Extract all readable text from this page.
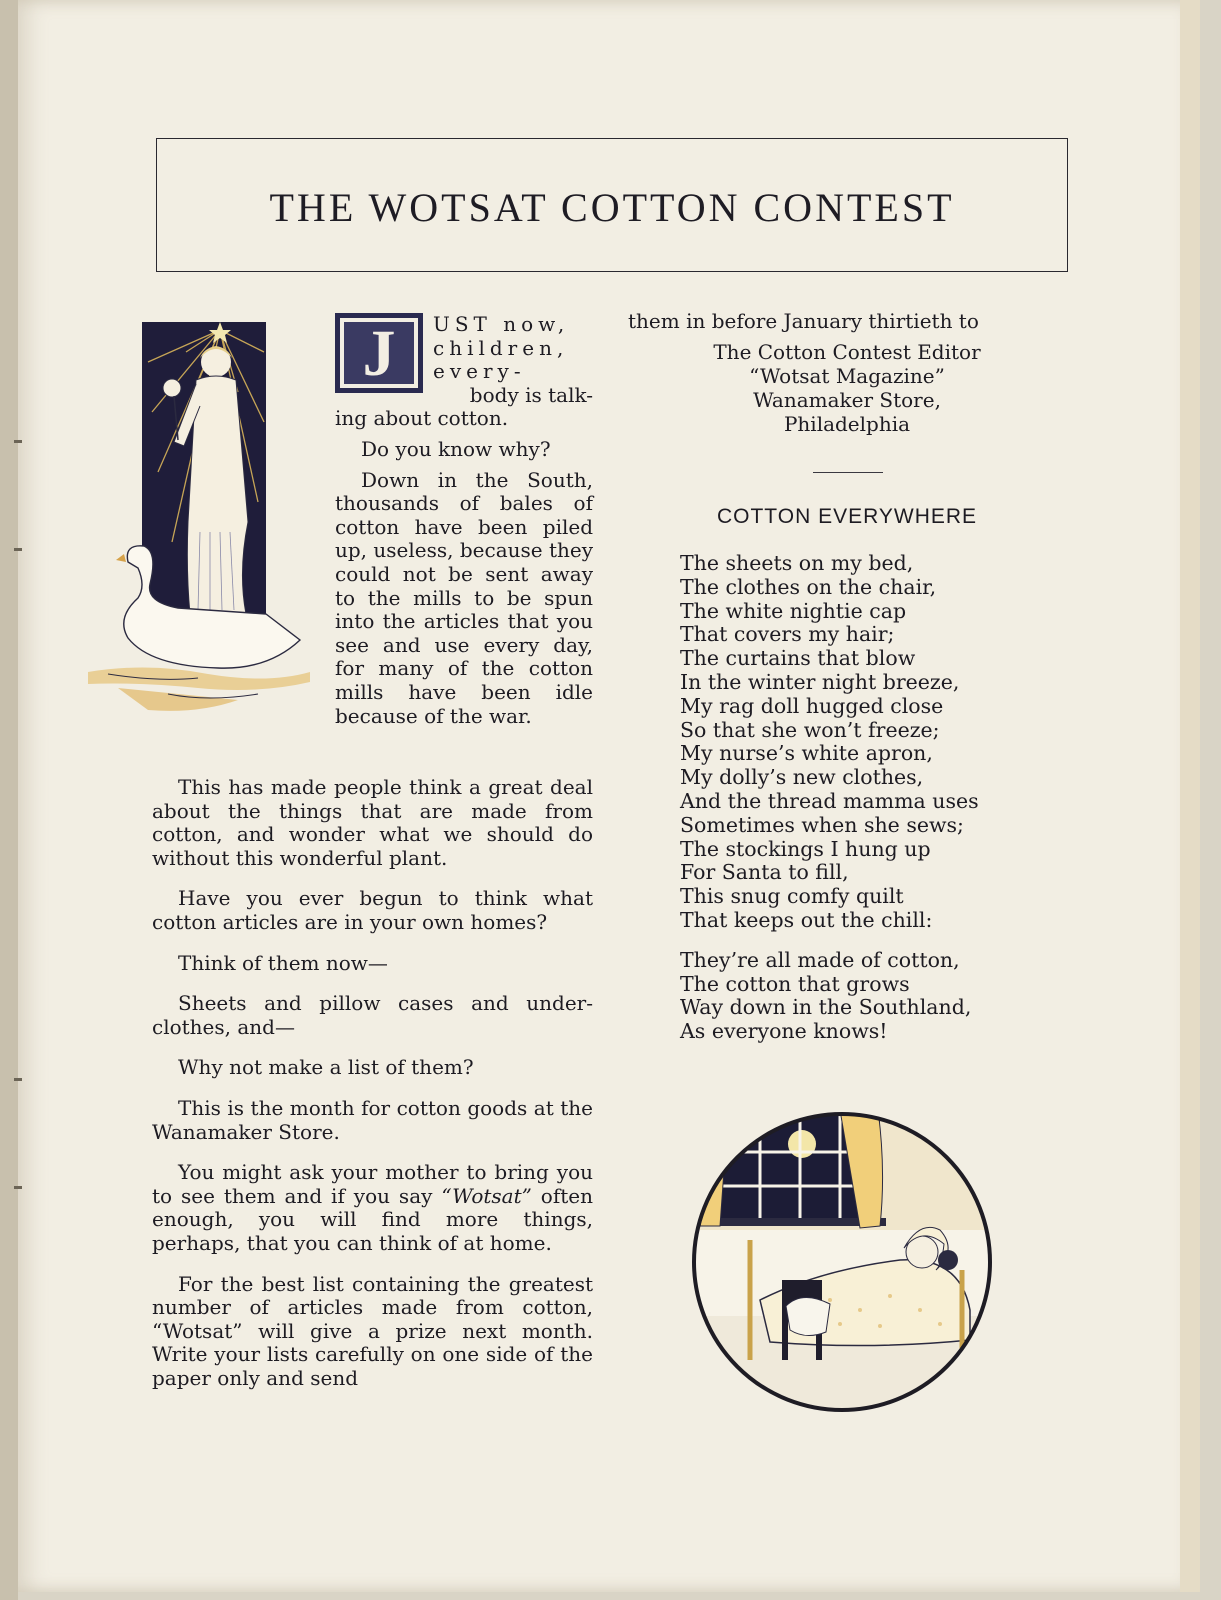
THE WOTSAT COTTON CONTEST
J	UST now,
children,
every-
body is talk-
ing about cotton.

Do you know why?

Down in the South, thousands of bales of cotton have been piled up, useless, because they could not be sent away to the mills to be spun into the articles that you see and use every day, for many of the cotton mills have been idle because of the war.

This has made people think a great deal about the things that are made from cotton, and wonder what we should do without this wonderful plant.

Have you ever begun to think what cotton articles are in your own homes?

Think of them now—

Sheets and pillow cases and under-clothes, and—

Why not make a list of them?

This is the month for cotton goods at the Wanamaker Store.

You might ask your mother to bring you to see them and if you say “Wotsat” often enough, you will find more things, perhaps, that you can think of at home.

For the best list containing the greatest number of articles made from cotton, “Wotsat” will give a prize next month. Write your lists carefully on one side of the paper only and send

them in before January thirtieth to
The Cotton Contest Editor
“Wotsat Magazine”
Wanamaker Store,
Philadelphia
COTTON EVERYWHERE
The sheets on my bed,
The clothes on the chair,
The white nightie cap
That covers my hair;
The curtains that blow
In the winter night breeze,
My rag doll hugged close
So that she won’t freeze;
My nurse’s white apron,
My dolly’s new clothes,
And the thread mamma uses
Sometimes when she sews;
The stockings I hung up
For Santa to fill,
This snug comfy quilt
That keeps out the chill:
They’re all made of cotton,
The cotton that grows
Way down in the Southland,
As everyone knows!
